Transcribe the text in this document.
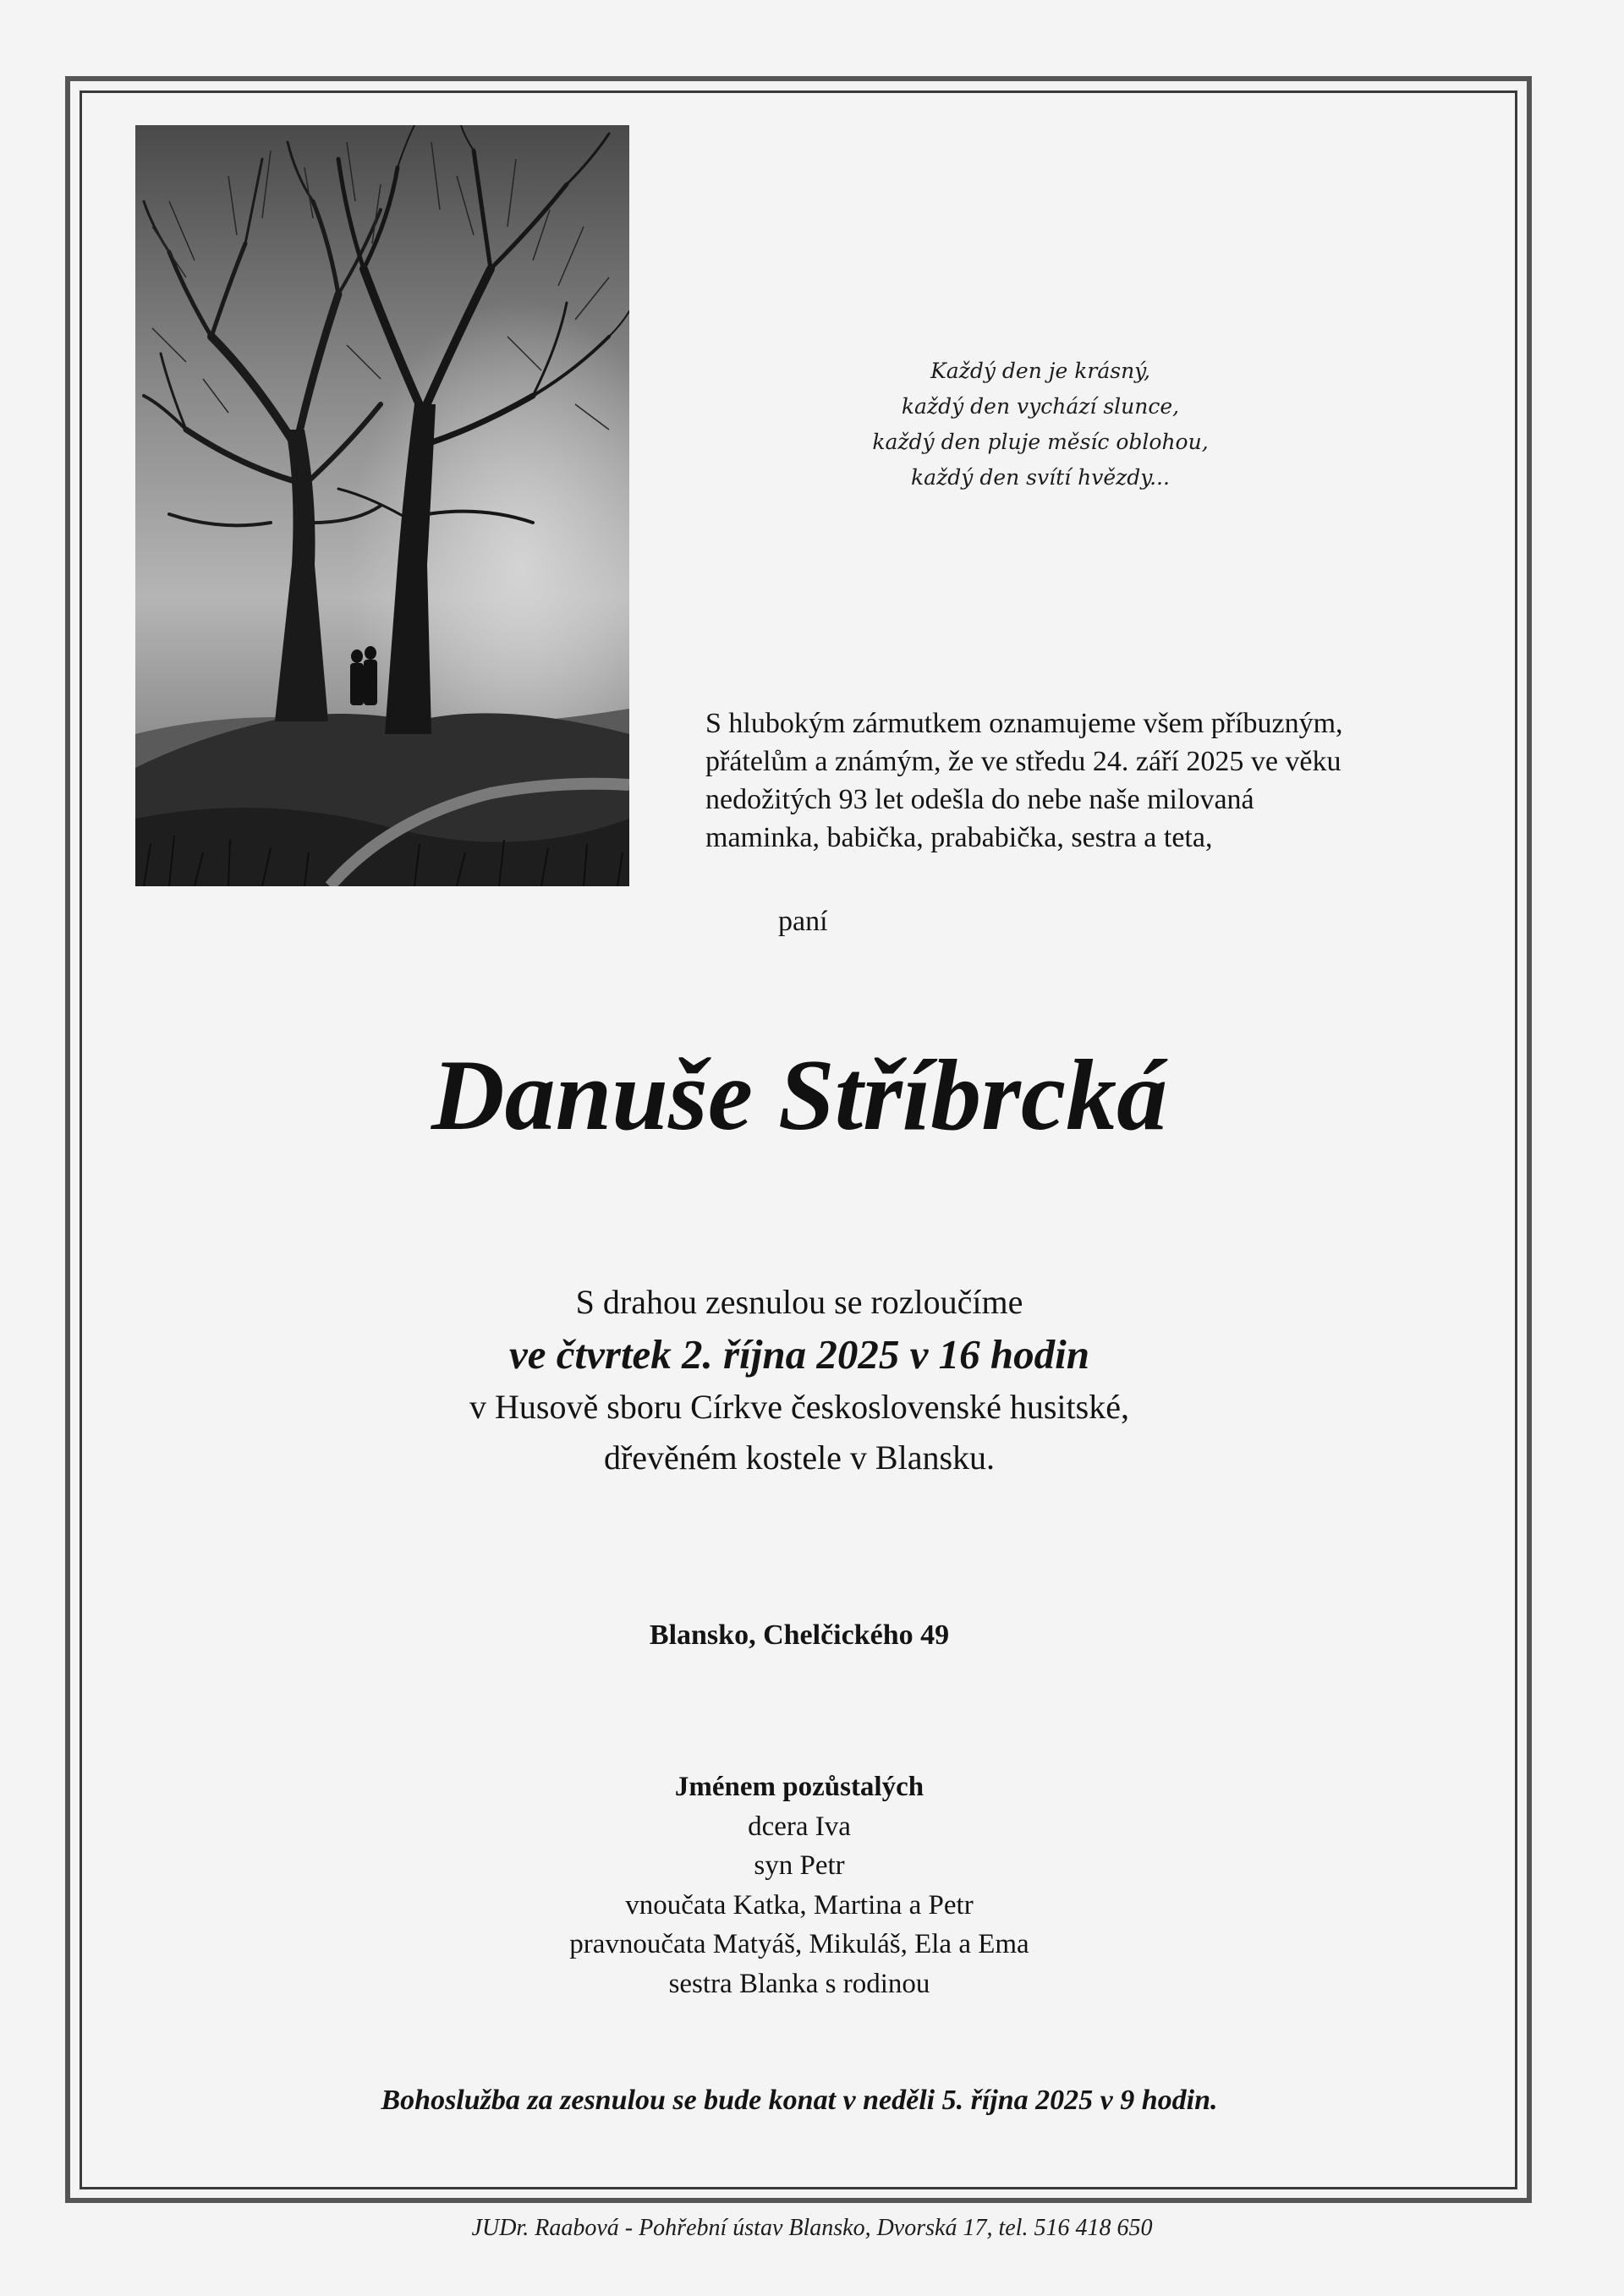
Každý den je krásný,
každý den vychází slunce,
každý den pluje měsíc oblohou,
každý den svítí hvězdy...
S hlubokým zármutkem oznamujeme všem příbuzným,
přátelům a známým, že ve středu 24. září 2025 ve věku
nedožitých 93 let odešla do nebe naše milovaná
maminka, babička, prababička, sestra a teta,
paní
Danuše Stříbrcká
S drahou zesnulou se rozloučíme
ve čtvrtek 2. října 2025 v 16 hodin
v Husově sboru Církve československé husitské,
dřevěném kostele v Blansku.
Blansko, Chelčického 49
Jménem pozůstalých
dcera Iva
syn Petr
vnoučata Katka, Martina a Petr
pravnoučata Matyáš, Mikuláš, Ela a Ema
sestra Blanka s rodinou
Bohoslužba za zesnulou se bude konat v neděli 5. října 2025 v 9 hodin.
JUDr. Raabová - Pohřební ústav Blansko, Dvorská 17, tel. 516 418 650
